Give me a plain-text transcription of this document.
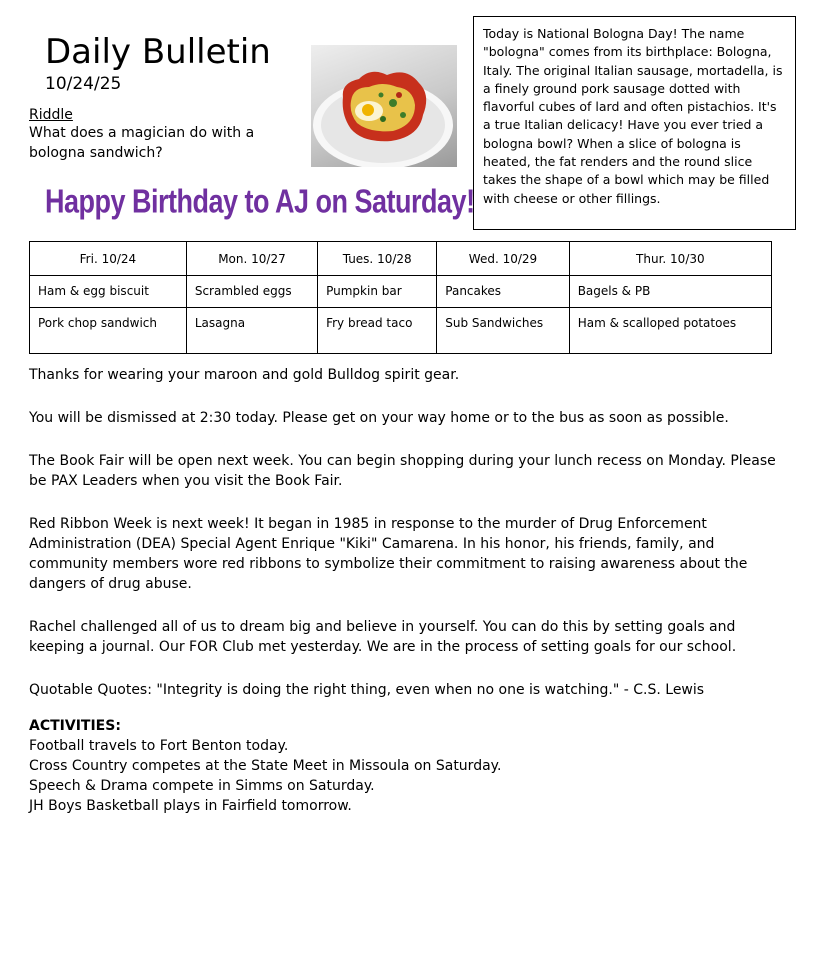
Daily Bulletin
10/24/25
Riddle
What does a magician do with a bologna sandwich?
Happy Birthday to AJ on Saturday!
Today is National Bologna Day! The name "bologna" comes from its birthplace: Bologna, Italy. The original Italian sausage, mortadella, is a finely ground pork sausage dotted with flavorful cubes of lard and often pistachios. It's a true Italian delicacy! Have you ever tried a bologna bowl? When a slice of bologna is heated, the fat renders and the round slice takes the shape of a bowl which may be filled with cheese or other fillings.
Fri. 10/24	Mon. 10/27	Tues. 10/28	Wed. 10/29	Thur. 10/30
Ham & egg biscuit	Scrambled eggs	Pumpkin bar	Pancakes	Bagels & PB
Pork chop sandwich	Lasagna	Fry bread taco	Sub Sandwiches	Ham & scalloped potatoes

Thanks for wearing your maroon and gold Bulldog spirit gear.

You will be dismissed at 2:30 today. Please get on your way home or to the bus as soon as possible.

The Book Fair will be open next week. You can begin shopping during your lunch recess on Monday. Please be PAX Leaders when you visit the Book Fair.

Red Ribbon Week is next week! It began in 1985 in response to the murder of Drug Enforcement Administration (DEA) Special Agent Enrique "Kiki" Camarena. In his honor, his friends, family, and community members wore red ribbons to symbolize their commitment to raising awareness about the dangers of drug abuse.

Rachel challenged all of us to dream big and believe in yourself. You can do this by setting goals and keeping a journal. Our FOR Club met yesterday. We are in the process of setting goals for our school.

Quotable Quotes: "Integrity is doing the right thing, even when no one is watching." - C.S. Lewis

ACTIVITIES:
Football travels to Fort Benton today.
Cross Country competes at the State Meet in Missoula on Saturday.
Speech & Drama compete in Simms on Saturday.
JH Boys Basketball plays in Fairfield tomorrow.
